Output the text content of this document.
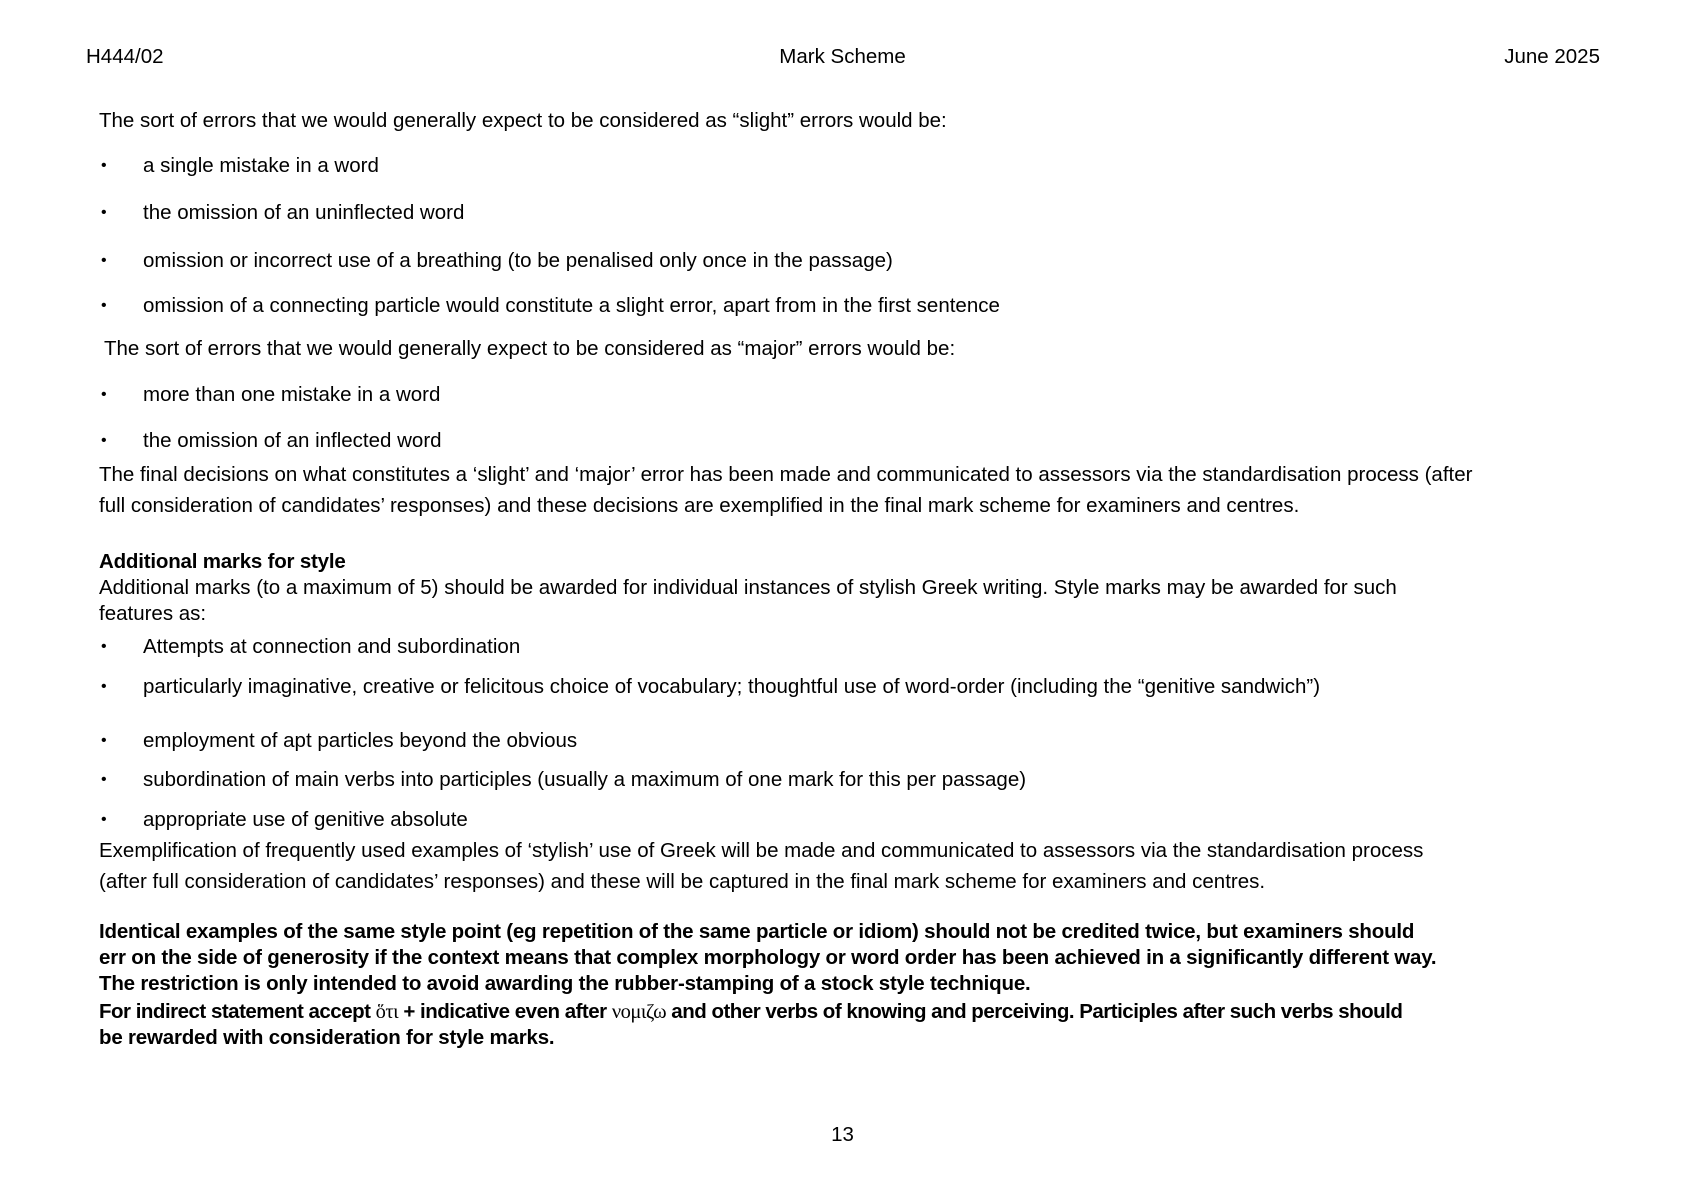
H444/02	Mark Scheme	June 2025
The sort of errors that we would generally expect to be considered as “slight” errors would be:
• a single mistake in a word
• the omission of an uninflected word
• omission or incorrect use of a breathing (to be penalised only once in the passage)
• omission of a connecting particle would constitute a slight error, apart from in the first sentence
The sort of errors that we would generally expect to be considered as “major” errors would be:
• more than one mistake in a word
• the omission of an inflected word
The final decisions on what constitutes a ‘slight’ and ‘major’ error has been made and communicated to assessors via the standardisation process (after
full consideration of candidates’ responses) and these decisions are exemplified in the final mark scheme for examiners and centres.
Additional marks for style
Additional marks (to a maximum of 5) should be awarded for individual instances of stylish Greek writing. Style marks may be awarded for such
features as:
• Attempts at connection and subordination
• particularly imaginative, creative or felicitous choice of vocabulary; thoughtful use of word-order (including the “genitive sandwich”)
• employment of apt particles beyond the obvious
• subordination of main verbs into participles (usually a maximum of one mark for this per passage)
• appropriate use of genitive absolute
Exemplification of frequently used examples of ‘stylish’ use of Greek will be made and communicated to assessors via the standardisation process
(after full consideration of candidates’ responses) and these will be captured in the final mark scheme for examiners and centres.
Identical examples of the same style point (eg repetition of the same particle or idiom) should not be credited twice, but examiners should
err on the side of generosity if the context means that complex morphology or word order has been achieved in a significantly different way.
The restriction is only intended to avoid awarding the rubber-stamping of a stock style technique.
For indirect statement accept ὅτι + indicative even after νομιζω and other verbs of knowing and perceiving. Participles after such verbs should
be rewarded with consideration for style marks.
13
